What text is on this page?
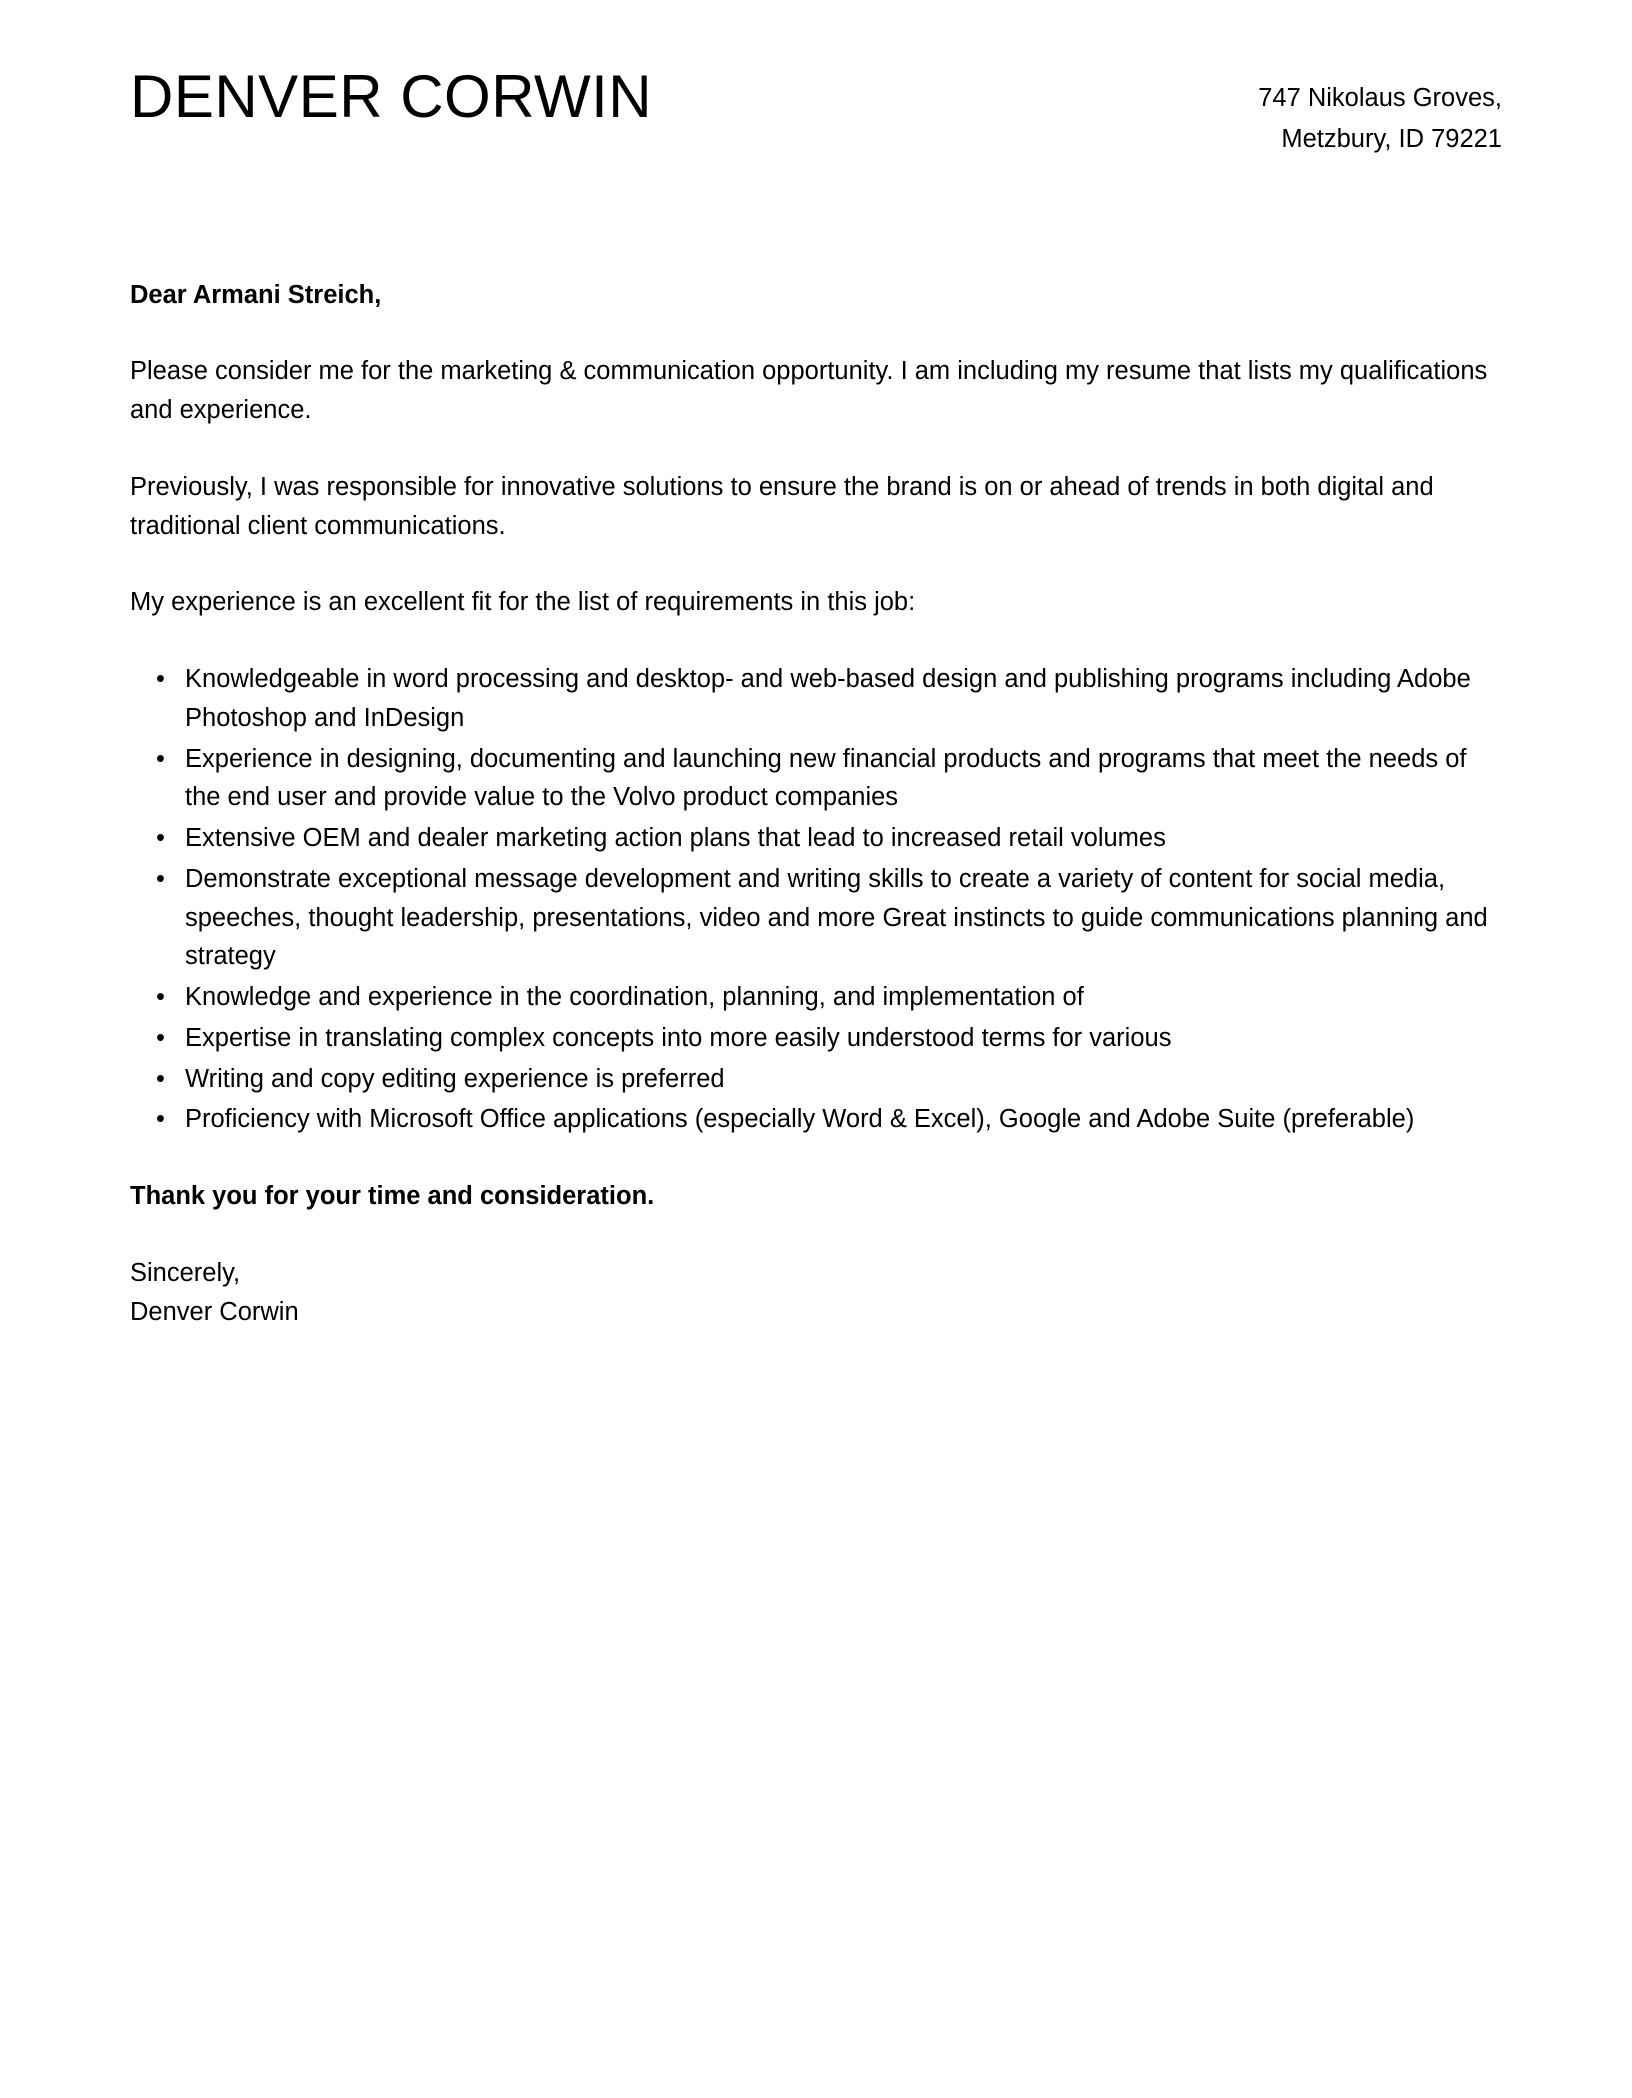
DENVER CORWIN	747 Nikolaus Groves,
Metzbury, ID 79221

Dear Armani Streich,

Please consider me for the marketing & communication opportunity. I am including my resume that lists my qualifications and experience.

Previously, I was responsible for innovative solutions to ensure the brand is on or ahead of trends in both digital and traditional client communications.

My experience is an excellent fit for the list of requirements in this job:

• Knowledgeable in word processing and desktop- and web-based design and publishing programs including Adobe Photoshop and InDesign
• Experience in designing, documenting and launching new financial products and programs that meet the needs of the end user and provide value to the Volvo product companies
• Extensive OEM and dealer marketing action plans that lead to increased retail volumes
• Demonstrate exceptional message development and writing skills to create a variety of content for social media, speeches, thought leadership, presentations, video and more Great instincts to guide communications planning and strategy
• Knowledge and experience in the coordination, planning, and implementation of
• Expertise in translating complex concepts into more easily understood terms for various
• Writing and copy editing experience is preferred
• Proficiency with Microsoft Office applications (especially Word & Excel), Google and Adobe Suite (preferable)

Thank you for your time and consideration.

Sincerely,
Denver Corwin
